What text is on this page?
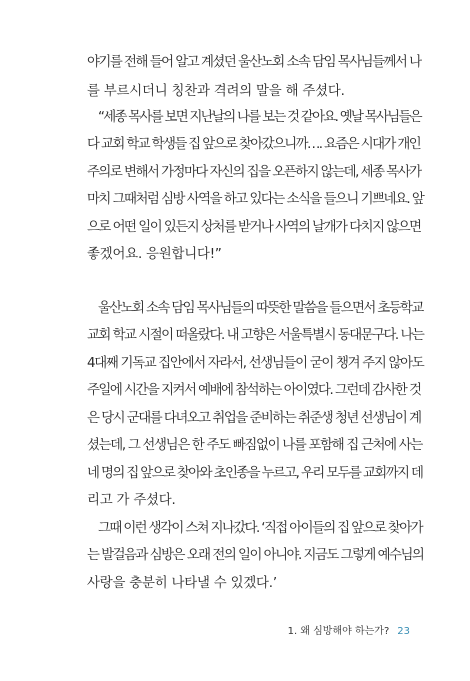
야기를 전해 들어 알고 계셨던 울산노회 소속 담임 목사님들께서 나
를 부르시더니 칭찬과 격려의 말을 해 주셨다.
“세종 목사를 보면 지난날의 나를 보는 것 같아요. 옛날 목사님들은
다 교회 학교 학생들 집 앞으로 찾아갔으니까…. 요즘은 시대가 개인
주의로 변해서 가정마다 자신의 집을 오픈하지 않는데, 세종 목사가
마치 그때처럼 심방 사역을 하고 있다는 소식을 들으니 기쁘네요. 앞
으로 어떤 일이 있든지 상처를 받거나 사역의 날개가 다치지 않으면
좋겠어요. 응원합니다!”
울산노회 소속 담임 목사님들의 따뜻한 말씀을 들으면서 초등학교
교회 학교 시절이 떠올랐다. 내 고향은 서울특별시 동대문구다. 나는
4대째 기독교 집안에서 자라서, 선생님들이 굳이 챙겨 주지 않아도
주일에 시간을 지켜서 예배에 참석하는 아이였다. 그런데 감사한 것
은 당시 군대를 다녀오고 취업을 준비하는 취준생 청년 선생님이 계
셨는데, 그 선생님은 한 주도 빠짐없이 나를 포함해 집 근처에 사는
네 명의 집 앞으로 찾아와 초인종을 누르고, 우리 모두를 교회까지 데
리고 가 주셨다.
그때 이런 생각이 스쳐 지나갔다. ‘직접 아이들의 집 앞으로 찾아가
는 발걸음과 심방은 오래 전의 일이 아니야. 지금도 그렇게 예수님의
사랑을 충분히 나타낼 수 있겠다.’
1. 왜 심방해야 하는가? 23
